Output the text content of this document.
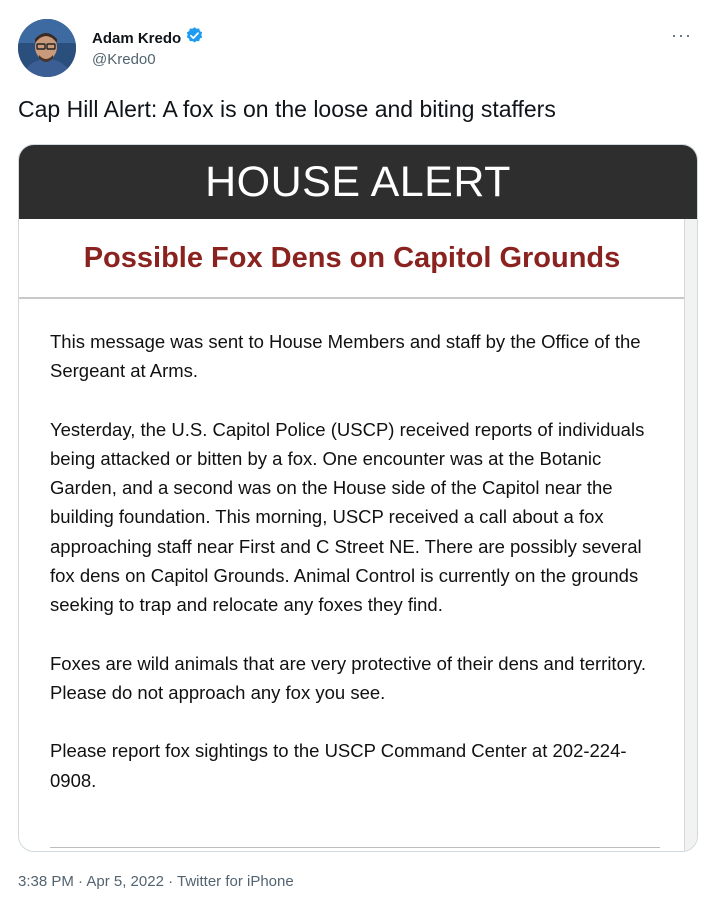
Adam Kredo
@Kredo0
···
Cap Hill Alert: A fox is on the loose and biting staffers
HOUSE ALERT
Possible Fox Dens on Capitol Grounds

This message was sent to House Members and staff by the Office of the Sergeant at Arms.

Yesterday, the U.S. Capitol Police (USCP) received reports of individuals being attacked or bitten by a fox. One encounter was at the Botanic Garden, and a second was on the House side of the Capitol near the building foundation. This morning, USCP received a call about a fox approaching staff near First and C Street NE. There are possibly several fox dens on Capitol Grounds. Animal Control is currently on the grounds seeking to trap and relocate any foxes they find.

Foxes are wild animals that are very protective of their dens and territory. Please do not approach any fox you see.

Please report fox sightings to the USCP Command Center at 202-224-0908.

3:38 PM · Apr 5, 2022 · Twitter for iPhone
